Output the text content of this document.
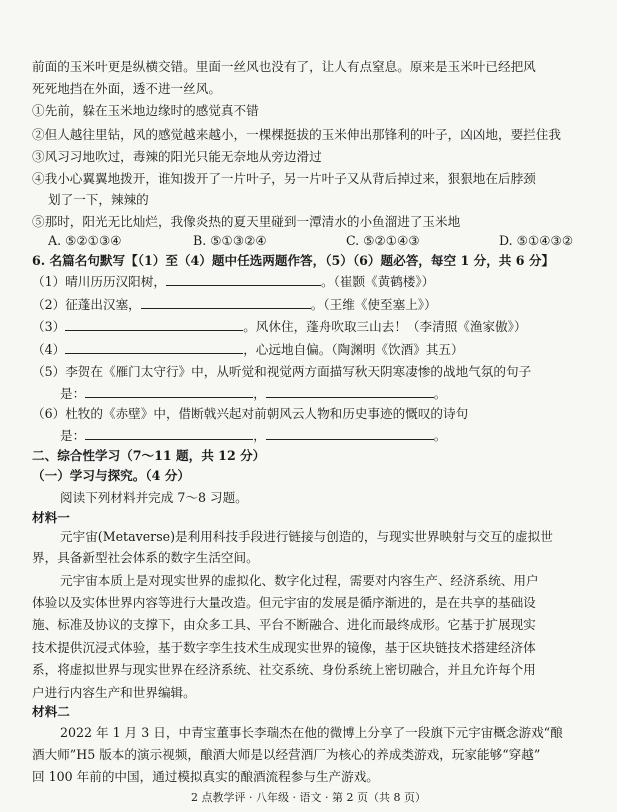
前面的玉米叶更是纵横交错。里面一丝风也没有了，让人有点窒息。原来是玉米叶已经把风
死死地挡在外面，透不进一丝风。
①先前，躲在玉米地边缘时的感觉真不错
②但人越往里钻，风的感觉越来越小，一棵棵挺拔的玉米伸出那锋利的叶子，凶凶地，要拦住我
③风习习地吹过，毒辣的阳光只能无奈地从旁边滑过
④我小心翼翼地拨开，谁知拨开了一片叶子，另一片叶子又从背后掉过来，狠狠地在后脖颈
划了一下，辣辣的
⑤那时，阳光无比灿烂，我像炎热的夏天里碰到一潭清水的小鱼溜进了玉米地
A. ⑤②①③④	B. ⑤①③②④	C. ⑤②①④③	D. ⑤①④③②
6. 名篇名句默写【（1）至（4）题中任选两题作答，（5）（6）题必答，每空 1 分，共 6 分】
（1）晴川历历汉阳树，	。（崔颢《黄鹤楼》）
（2）征蓬出汉塞，	。（王维《使至塞上》）
（3）	。风休住，蓬舟吹取三山去！（李清照《渔家傲》）
（4）	，心远地自偏。（陶渊明《饮酒》其五）
（5）李贺在《雁门太守行》中，从听觉和视觉两方面描写秋天阴寒凄惨的战地气氛的句子
是：	，	。
（6）杜牧的《赤壁》中，借断戟兴起对前朝风云人物和历史事迹的慨叹的诗句
是：	，	。
二、综合性学习（7～11 题，共 12 分）
（一）学习与探究。（4 分）
阅读下列材料并完成 7～8 习题。
材料一
元宇宙(Metaverse)是利用科技手段进行链接与创造的，与现实世界映射与交互的虚拟世
界，具备新型社会体系的数字生活空间。
元宇宙本质上是对现实世界的虚拟化、数字化过程，需要对内容生产、经济系统、用户
体验以及实体世界内容等进行大量改造。但元宇宙的发展是循序渐进的，是在共享的基础设
施、标准及协议的支撑下，由众多工具、平台不断融合、进化而最终成形。它基于扩展现实
技术提供沉浸式体验，基于数字孪生技术生成现实世界的镜像，基于区块链技术搭建经济体
系，将虚拟世界与现实世界在经济系统、社交系统、身份系统上密切融合，并且允许每个用
户进行内容生产和世界编辑。
材料二
2022 年 1 月 3 日，中青宝董事长李瑞杰在他的微博上分享了一段旗下元宇宙概念游戏“酿
酒大师”H5 版本的演示视频，酿酒大师是以经营酒厂为核心的养成类游戏，玩家能够“穿越”
回 100 年前的中国，通过模拟真实的酿酒流程参与生产游戏。
2 点教学评 · 八年级 · 语文 · 第 2 页（共 8 页）
